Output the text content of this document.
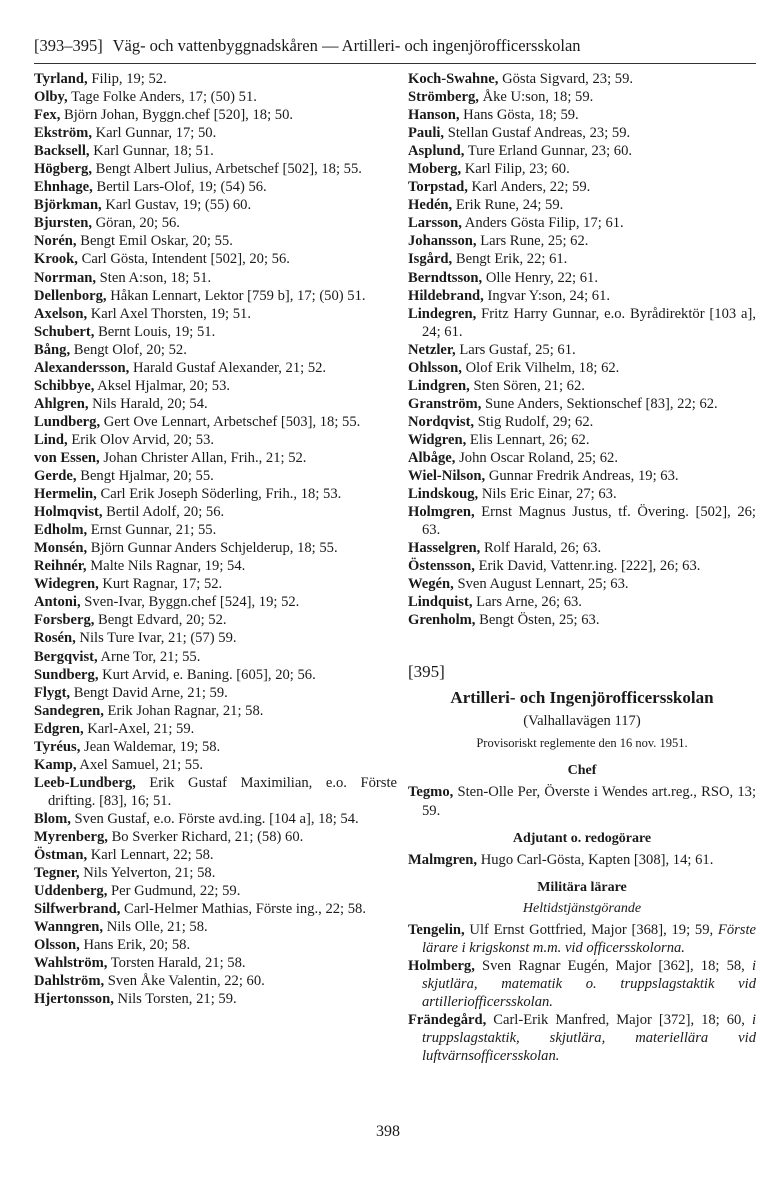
[393–395] Väg- och vattenbyggnadskåren — Artilleri- och ingenjörofficersskolan
Tyrland, Filip, 19; 52.
Olby, Tage Folke Anders, 17; (50) 51.
Fex, Björn Johan, Byggn.chef [520], 18; 50.
Ekström, Karl Gunnar, 17; 50.
Backsell, Karl Gunnar, 18; 51.
Högberg, Bengt Albert Julius, Arbetschef [502], 18; 55.
Ehnhage, Bertil Lars-Olof, 19; (54) 56.
Björkman, Karl Gustav, 19; (55) 60.
Bjursten, Göran, 20; 56.
Norén, Bengt Emil Oskar, 20; 55.
Krook, Carl Gösta, Intendent [502], 20; 56.
Norrman, Sten A:son, 18; 51.
Dellenborg, Håkan Lennart, Lektor [759 b], 17; (50) 51.
Axelson, Karl Axel Thorsten, 19; 51.
Schubert, Bernt Louis, 19; 51.
Bång, Bengt Olof, 20; 52.
Alexandersson, Harald Gustaf Alexander, 21; 52.
Schibbye, Aksel Hjalmar, 20; 53.
Ahlgren, Nils Harald, 20; 54.
Lundberg, Gert Ove Lennart, Arbetschef [503], 18; 55.
Lind, Erik Olov Arvid, 20; 53.
von Essen, Johan Christer Allan, Frih., 21; 52.
Gerde, Bengt Hjalmar, 20; 55.
Hermelin, Carl Erik Joseph Söderling, Frih., 18; 53.
Holmqvist, Bertil Adolf, 20; 56.
Edholm, Ernst Gunnar, 21; 55.
Monsén, Björn Gunnar Anders Schjelderup, 18; 55.
Reihnér, Malte Nils Ragnar, 19; 54.
Widegren, Kurt Ragnar, 17; 52.
Antoni, Sven-Ivar, Byggn.chef [524], 19; 52.
Forsberg, Bengt Edvard, 20; 52.
Rosén, Nils Ture Ivar, 21; (57) 59.
Bergqvist, Arne Tor, 21; 55.
Sundberg, Kurt Arvid, e. Baning. [605], 20; 56.
Flygt, Bengt David Arne, 21; 59.
Sandegren, Erik Johan Ragnar, 21; 58.
Edgren, Karl-Axel, 21; 59.
Tyréus, Jean Waldemar, 19; 58.
Kamp, Axel Samuel, 21; 55.
Leeb-Lundberg, Erik Gustaf Maximilian, e.o. Förste drifting. [83], 16; 51.
Blom, Sven Gustaf, e.o. Förste avd.ing. [104 a], 18; 54.
Myrenberg, Bo Sverker Richard, 21; (58) 60.
Östman, Karl Lennart, 22; 58.
Tegner, Nils Yelverton, 21; 58.
Uddenberg, Per Gudmund, 22; 59.
Silfwerbrand, Carl-Helmer Mathias, Förste ing., 22; 58.
Wanngren, Nils Olle, 21; 58.
Olsson, Hans Erik, 20; 58.
Wahlström, Torsten Harald, 21; 58.
Dahlström, Sven Åke Valentin, 22; 60.
Hjertonsson, Nils Torsten, 21; 59.
Koch-Swahne, Gösta Sigvard, 23; 59.
Strömberg, Åke U:son, 18; 59.
Hanson, Hans Gösta, 18; 59.
Pauli, Stellan Gustaf Andreas, 23; 59.
Asplund, Ture Erland Gunnar, 23; 60.
Moberg, Karl Filip, 23; 60.
Torpstad, Karl Anders, 22; 59.
Hedén, Erik Rune, 24; 59.
Larsson, Anders Gösta Filip, 17; 61.
Johansson, Lars Rune, 25; 62.
Isgård, Bengt Erik, 22; 61.
Berndtsson, Olle Henry, 22; 61.
Hildebrand, Ingvar Y:son, 24; 61.
Lindegren, Fritz Harry Gunnar, e.o. Byrådirektör [103 a], 24; 61.
Netzler, Lars Gustaf, 25; 61.
Ohlsson, Olof Erik Vilhelm, 18; 62.
Lindgren, Sten Sören, 21; 62.
Granström, Sune Anders, Sektionschef [83], 22; 62.
Nordqvist, Stig Rudolf, 29; 62.
Widgren, Elis Lennart, 26; 62.
Albåge, John Oscar Roland, 25; 62.
Wiel-Nilson, Gunnar Fredrik Andreas, 19; 63.
Lindskoug, Nils Eric Einar, 27; 63.
Holmgren, Ernst Magnus Justus, tf. Övering. [502], 26; 63.
Hasselgren, Rolf Harald, 26; 63.
Östensson, Erik David, Vattenr.ing. [222], 26; 63.
Wegén, Sven August Lennart, 25; 63.
Lindquist, Lars Arne, 26; 63.
Grenholm, Bengt Östen, 25; 63.
[395]
Artilleri- och Ingenjörofficersskolan
(Valhallavägen 117)
Provisoriskt reglemente den 16 nov. 1951.
Chef
Tegmo, Sten-Olle Per, Överste i Wendes art.reg., RSO, 13; 59.
Adjutant o. redogörare
Malmgren, Hugo Carl-Gösta, Kapten [308], 14; 61.
Militära lärare
Heltidstjänstgörande
Tengelin, Ulf Ernst Gottfried, Major [368], 19; 59, Förste lärare i krigskonst m.m. vid officersskolorna.
Holmberg, Sven Ragnar Eugén, Major [362], 18; 58, i skjutlära, matematik o. truppslagstaktik vid artilleriofficersskolan.
Frändegård, Carl-Erik Manfred, Major [372], 18; 60, i truppslagstaktik, skjutlära, materiellära vid luftvärnsofficersskolan.
398
